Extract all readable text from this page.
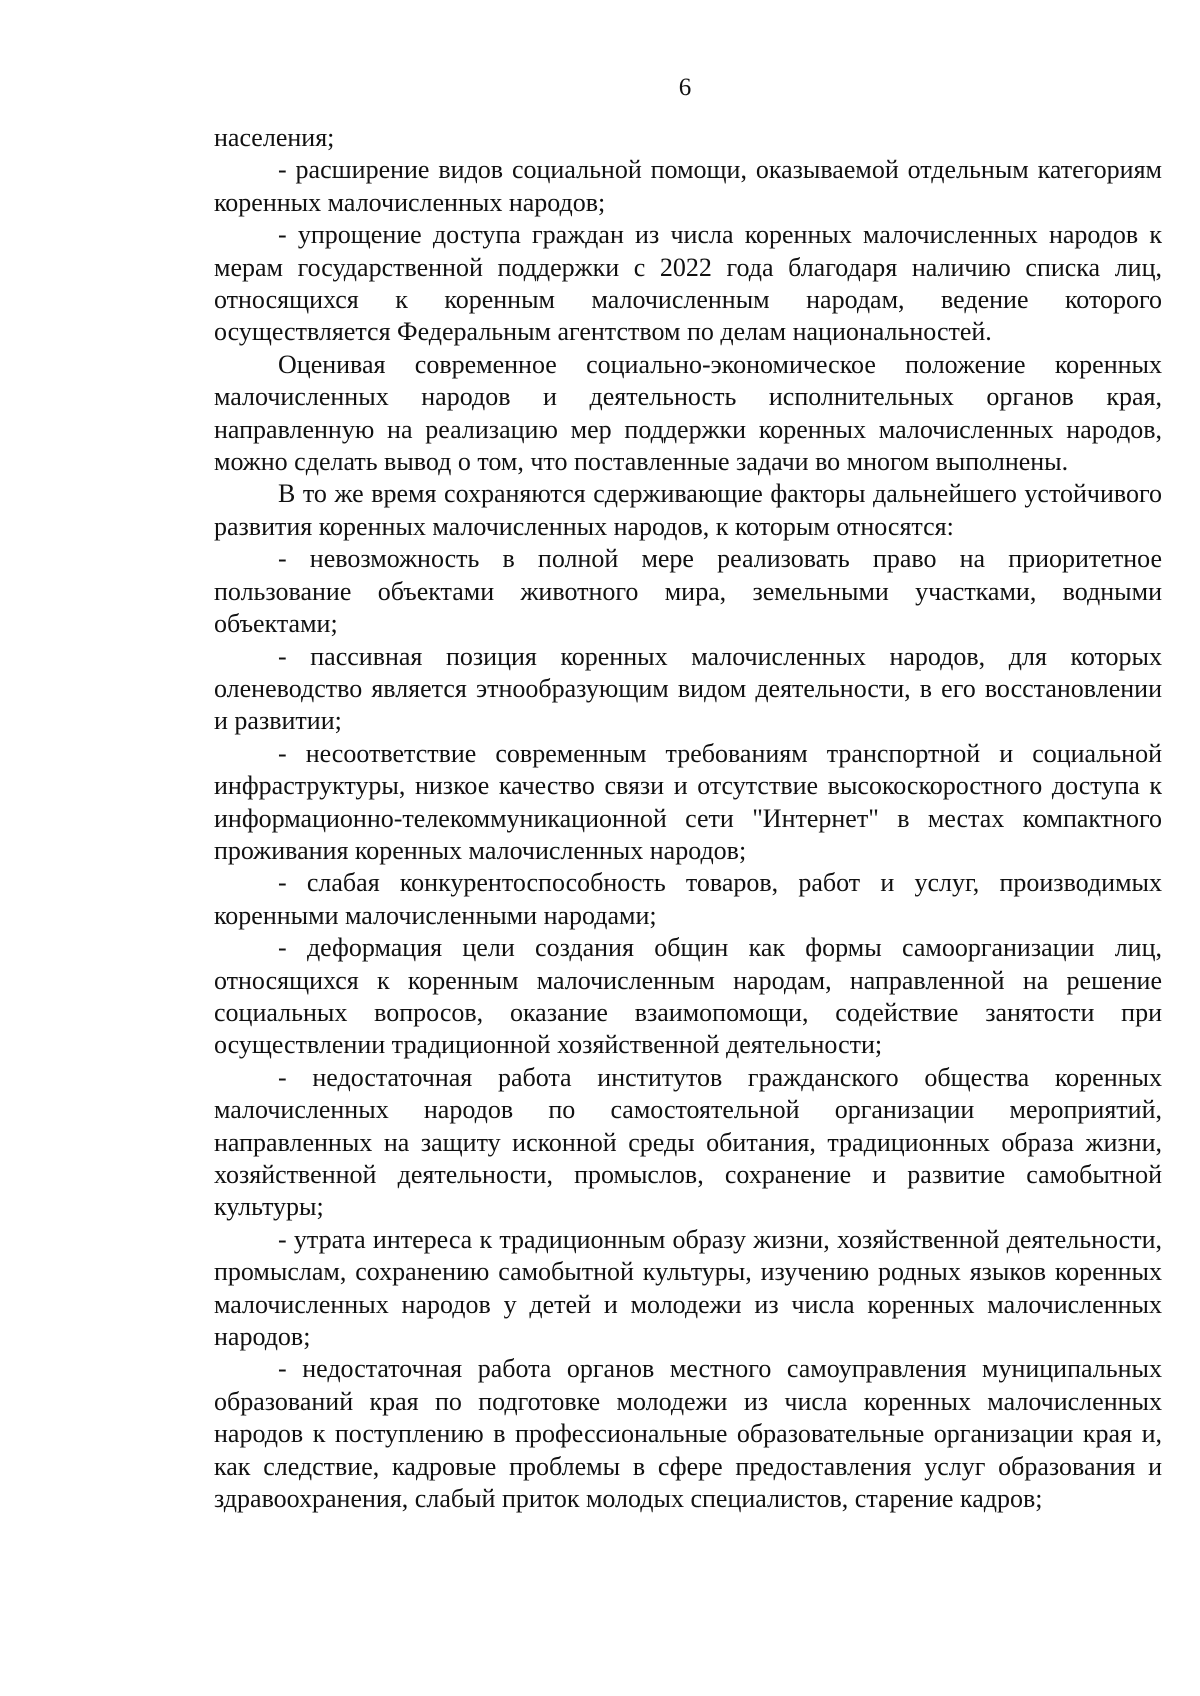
6

населения;

- расширение видов социальной помощи, оказываемой отдельным категориям коренных малочисленных народов;

- упрощение доступа граждан из числа коренных малочисленных народов к мерам государственной поддержки с 2022 года благодаря наличию списка лиц, относящихся к коренным малочисленным народам, ведение которого осуществляется Федеральным агентством по делам национальностей.

Оценивая современное социально-экономическое положение коренных малочисленных народов и деятельность исполнительных органов края, направленную на реализацию мер поддержки коренных малочисленных народов, можно сделать вывод о том, что поставленные задачи во многом выполнены.

В то же время сохраняются сдерживающие факторы дальнейшего устойчивого развития коренных малочисленных народов, к которым относятся:

- невозможность в полной мере реализовать право на приоритетное пользование объектами животного мира, земельными участками, водными объектами;

- пассивная позиция коренных малочисленных народов, для которых оленеводство является этнообразующим видом деятельности, в его восстановлении и развитии;

- несоответствие современным требованиям транспортной и социальной инфраструктуры, низкое качество связи и отсутствие высокоскоростного доступа к информационно-телекоммуникационной сети "Интернет" в местах компактного проживания коренных малочисленных народов;

- слабая конкурентоспособность товаров, работ и услуг, производимых коренными малочисленными народами;

- деформация цели создания общин как формы самоорганизации лиц, относящихся к коренным малочисленным народам, направленной на решение социальных вопросов, оказание взаимопомощи, содействие занятости при осуществлении традиционной хозяйственной деятельности;

- недостаточная работа институтов гражданского общества коренных малочисленных народов по самостоятельной организации мероприятий, направленных на защиту исконной среды обитания, традиционных образа жизни, хозяйственной деятельности, промыслов, сохранение и развитие самобытной культуры;

- утрата интереса к традиционным образу жизни, хозяйственной деятельности, промыслам, сохранению самобытной культуры, изучению родных языков коренных малочисленных народов у детей и молодежи из числа коренных малочисленных народов;

- недостаточная работа органов местного самоуправления муниципальных образований края по подготовке молодежи из числа коренных малочисленных народов к поступлению в профессиональные образовательные организации края и, как следствие, кадровые проблемы в сфере предоставления услуг образования и здравоохранения, слабый приток молодых специалистов, старение кадров;
